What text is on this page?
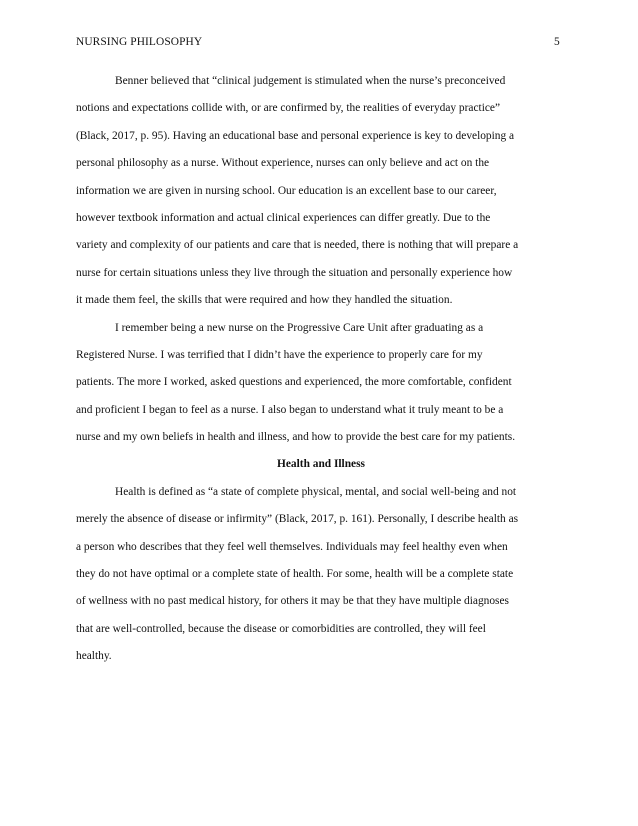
NURSING PHILOSOPHY	5
Benner believed that “clinical judgement is stimulated when the nurse’s preconceived
notions and expectations collide with, or are confirmed by, the realities of everyday practice”
(Black, 2017, p. 95). Having an educational base and personal experience is key to developing a
personal philosophy as a nurse. Without experience, nurses can only believe and act on the
information we are given in nursing school. Our education is an excellent base to our career,
however textbook information and actual clinical experiences can differ greatly. Due to the
variety and complexity of our patients and care that is needed, there is nothing that will prepare a
nurse for certain situations unless they live through the situation and personally experience how
it made them feel, the skills that were required and how they handled the situation.
I remember being a new nurse on the Progressive Care Unit after graduating as a
Registered Nurse. I was terrified that I didn’t have the experience to properly care for my
patients. The more I worked, asked questions and experienced, the more comfortable, confident
and proficient I began to feel as a nurse. I also began to understand what it truly meant to be a
nurse and my own beliefs in health and illness, and how to provide the best care for my patients.
Health and Illness
Health is defined as “a state of complete physical, mental, and social well-being and not
merely the absence of disease or infirmity” (Black, 2017, p. 161). Personally, I describe health as
a person who describes that they feel well themselves. Individuals may feel healthy even when
they do not have optimal or a complete state of health. For some, health will be a complete state
of wellness with no past medical history, for others it may be that they have multiple diagnoses
that are well-controlled, because the disease or comorbidities are controlled, they will feel
healthy.
